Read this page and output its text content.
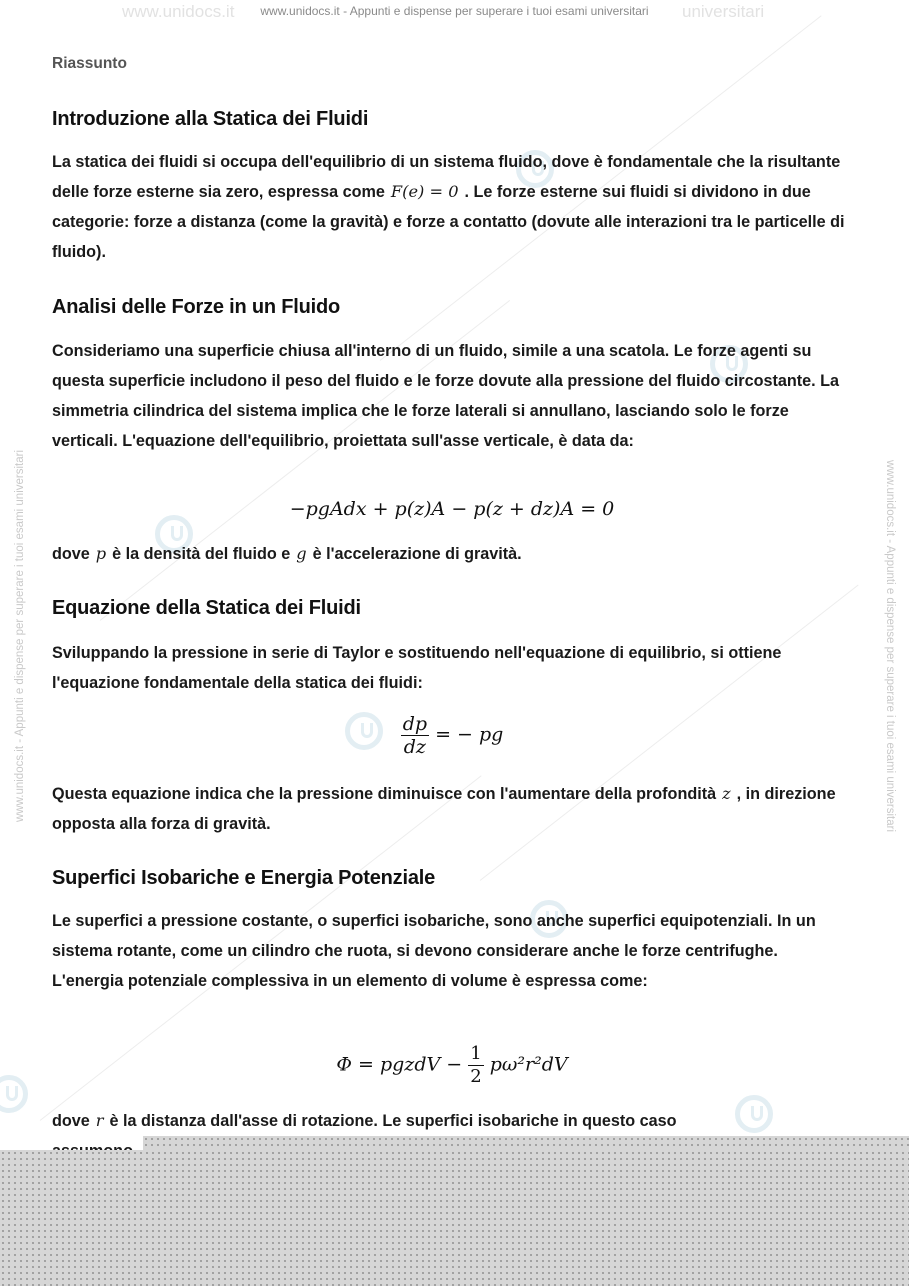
www.unidocs.it	universitari
www.unidocs.it - Appunti e dispense per superare i tuoi esami universitari
www.unidocs.it - Appunti e dispense per superare i tuoi esami universitari	www.unidocs.it - Appunti e dispense per superare i tuoi esami universitari
Riassunto
Introduzione alla Statica dei Fluidi

La statica dei fluidi si occupa dell'equilibrio di un sistema fluido, dove è fondamentale che la risultante delle forze esterne sia zero, espressa come F(e) = 0 . Le forze esterne sui fluidi si dividono in due categorie: forze a distanza (come la gravità) e forze a contatto (dovute alle interazioni tra le particelle di fluido).

Analisi delle Forze in un Fluido

Consideriamo una superficie chiusa all'interno di un fluido, simile a una scatola. Le forze agenti su questa superficie includono il peso del fluido e le forze dovute alla pressione del fluido circostante. La simmetria cilindrica del sistema implica che le forze laterali si annullano, lasciando solo le forze verticali. L'equazione dell'equilibrio, proiettata sull'asse verticale, è data da:

−pgAdx + p(z)A − p(z + dz)A = 0

dove p è la densità del fluido e g è l'accelerazione di gravità.

Equazione della Statica dei Fluidi

Sviluppando la pressione in serie di Taylor e sostituendo nell'equazione di equilibrio, si ottiene l'equazione fondamentale della statica dei fluidi:

$\frac{dp}{dz}$ = − pg

Questa equazione indica che la pressione diminuisce con l'aumentare della profondità z , in direzione opposta alla forza di gravità.

Superfici Isobariche e Energia Potenziale

Le superfici a pressione costante, o superfici isobariche, sono anche superfici equipotenziali. In un sistema rotante, come un cilindro che ruota, si devono considerare anche le forze centrifughe. L'energia potenziale complessiva in un elemento di volume è espressa come:

Φ = pgzdV − $\frac{1}{2} p\omega^2r^2dV$

dove r è la distanza dall'asse di rotazione. Le superfici isobariche in questo caso
